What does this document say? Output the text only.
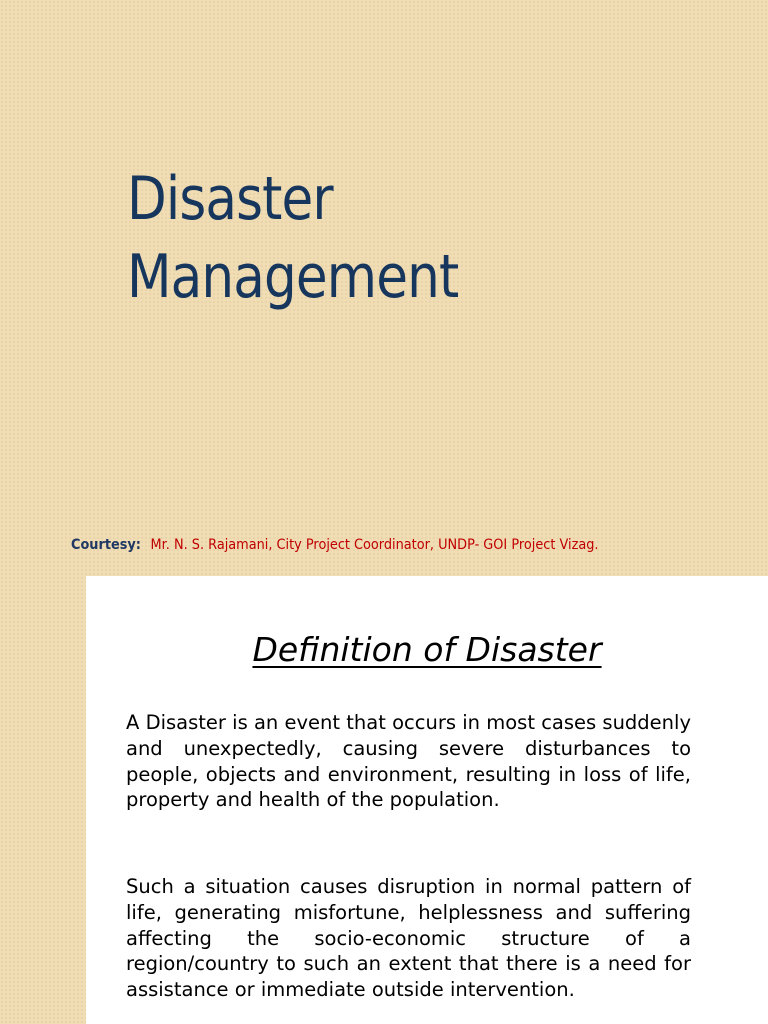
Disaster
Management
Courtesy: Mr. N. S. Rajamani, City Project Coordinator, UNDP- GOI Project Vizag.
Definition of Disaster

A Disaster is an event that occurs in most cases suddenly and unexpectedly, causing severe disturbances to people, objects and environment, resulting in loss of life, property and health of the population.

Such a situation causes disruption in normal pattern of life, generating misfortune, helplessness and suffering affecting the socio-economic structure of a region/country to such an extent that there is a need for assistance or immediate outside intervention.
